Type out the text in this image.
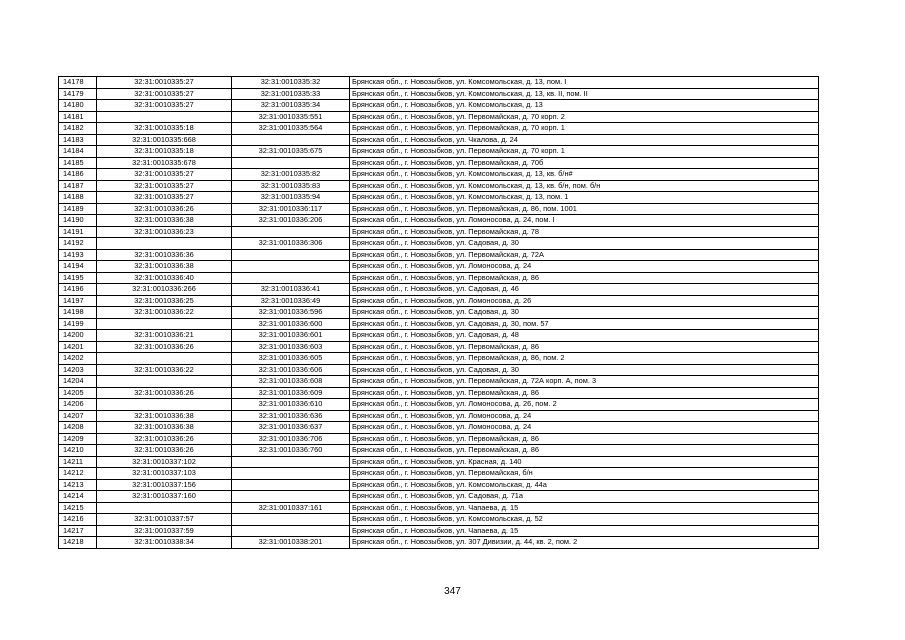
14178	32:31:0010335:27	32:31:0010335:32	Брянская обл., г. Новозыбков, ул. Комсомольская, д. 13, пом. I
14179	32:31:0010335:27	32:31:0010335:33	Брянская обл., г. Новозыбков, ул. Комсомольская, д. 13, кв. II, пом. II
14180	32:31:0010335:27	32:31:0010335:34	Брянская обл., г. Новозыбков, ул. Комсомольская, д. 13
14181		32:31:0010335:551	Брянская обл., г. Новозыбков, ул. Первомайская, д. 70 корп. 2
14182	32:31:0010335:18	32:31:0010335:564	Брянская обл., г. Новозыбков, ул. Первомайская, д. 70 корп. 1
14183	32:31:0010335:668		Брянская обл., г. Новозыбков, ул. Чкалова, д. 24
14184	32:31:0010335:18	32:31:0010335:675	Брянская обл., г. Новозыбков, ул. Первомайская, д. 70 корп. 1
14185	32:31:0010335:678		Брянская обл., г. Новозыбков, ул. Первомайская, д. 70б
14186	32:31:0010335:27	32:31:0010335:82	Брянская обл., г. Новозыбков, ул. Комсомольская, д. 13, кв. б/н#
14187	32:31:0010335:27	32:31:0010335:83	Брянская обл., г. Новозыбков, ул. Комсомольская, д. 13, кв. б/н, пом. б/н
14188	32:31:0010335:27	32:31:0010335:94	Брянская обл., г. Новозыбков, ул. Комсомольская, д. 13, пом. 1
14189	32:31:0010336:26	32:31:0010336:117	Брянская обл., г. Новозыбков, ул. Первомайская, д. 86, пом. 1001
14190	32:31:0010336:38	32:31:0010336:206	Брянская обл., г. Новозыбков, ул. Ломоносова, д. 24, пом. I
14191	32:31:0010336:23		Брянская обл., г. Новозыбков, ул. Первомайская, д. 78
14192		32:31:0010336:306	Брянская обл., г. Новозыбков, ул. Садовая, д. 30
14193	32:31:0010336:36		Брянская обл., г. Новозыбков, ул. Первомайская, д. 72А
14194	32:31:0010336:38		Брянская обл., г. Новозыбков, ул. Ломоносова, д. 24
14195	32:31:0010336:40		Брянская обл., г. Новозыбков, ул. Первомайская, д. 86
14196	32:31:0010336:266	32:31:0010336:41	Брянская обл., г. Новозыбков, ул. Садовая, д. 46
14197	32:31:0010336:25	32:31:0010336:49	Брянская обл., г. Новозыбков, ул. Ломоносова, д. 26
14198	32:31:0010336:22	32:31:0010336:596	Брянская обл., г. Новозыбков, ул. Садовая, д. 30
14199		32:31:0010336:600	Брянская обл., г. Новозыбков, ул. Садовая, д. 30, пом. 57
14200	32:31:0010336:21	32:31:0010336:601	Брянская обл., г. Новозыбков, ул. Садовая, д. 48
14201	32:31:0010336:26	32:31:0010336:603	Брянская обл., г. Новозыбков, ул. Первомайская, д. 86
14202		32:31:0010336:605	Брянская обл., г. Новозыбков, ул. Первомайская, д. 86, пом. 2
14203	32:31:0010336:22	32:31:0010336:606	Брянская обл., г. Новозыбков, ул. Садовая, д. 30
14204		32:31:0010336:608	Брянская обл., г. Новозыбков, ул. Первомайская, д. 72А корп. А, пом. 3
14205	32:31:0010336:26	32:31:0010336:609	Брянская обл., г. Новозыбков, ул. Первомайская, д. 86
14206		32:31:0010336:610	Брянская обл., г. Новозыбков, ул. Ломоносова, д. 26, пом. 2
14207	32:31:0010336:38	32:31:0010336:636	Брянская обл., г. Новозыбков, ул. Ломоносова, д. 24
14208	32:31:0010336:38	32:31:0010336:637	Брянская обл., г. Новозыбков, ул. Ломоносова, д. 24
14209	32:31:0010336:26	32:31:0010336:706	Брянская обл., г. Новозыбков, ул. Первомайская, д. 86
14210	32:31:0010336:26	32:31:0010336:760	Брянская обл., г. Новозыбков, ул. Первомайская, д. 86
14211	32:31:0010337:102		Брянская обл., г. Новозыбков, ул. Красная, д. 140
14212	32:31:0010337:103		Брянская обл., г. Новозыбков, ул. Первомайская, б/н
14213	32:31:0010337:156		Брянская обл., г. Новозыбков, ул. Комсомольская, д. 44а
14214	32:31:0010337:160		Брянская обл., г. Новозыбков, ул. Садовая, д. 71а
14215		32:31:0010337:161	Брянская обл., г. Новозыбков, ул. Чапаева, д. 15
14216	32:31:0010337:57		Брянская обл., г. Новозыбков, ул. Комсомольская, д. 52
14217	32:31:0010337:59		Брянская обл., г. Новозыбков, ул. Чапаева, д. 15
14218	32:31:0010338:34	32:31:0010338:201	Брянская обл., г. Новозыбков, ул. 307 Дивизии, д. 44, кв. 2, пом. 2
347
